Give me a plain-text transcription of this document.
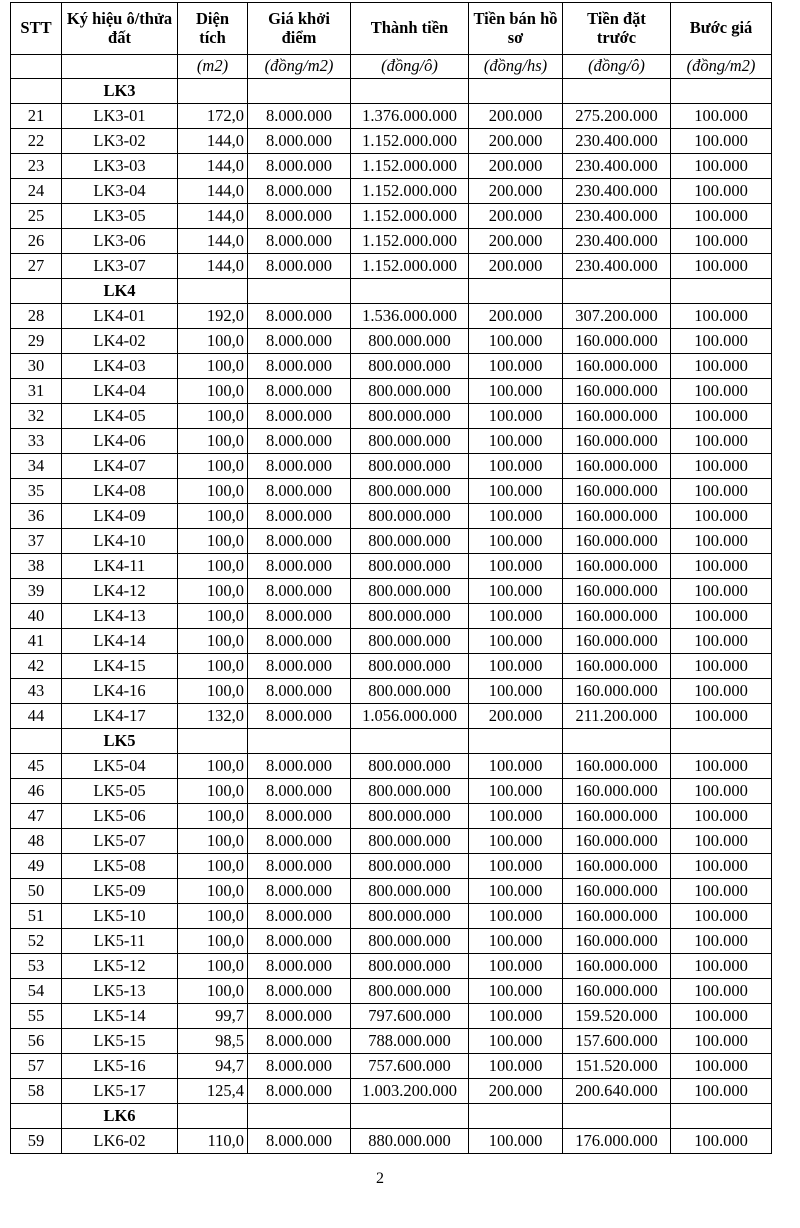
STT	Ký hiệu ô/thửa đất	Diện tích	Giá khởi điểm	Thành tiền	Tiền bán hồ sơ	Tiền đặt trước	Bước giá
		(m2)	(đồng/m2)	(đồng/ô)	(đồng/hs)	(đồng/ô)	(đồng/m2)
	LK3						
21	LK3-01	172,0	8.000.000	1.376.000.000	200.000	275.200.000	100.000
22	LK3-02	144,0	8.000.000	1.152.000.000	200.000	230.400.000	100.000
23	LK3-03	144,0	8.000.000	1.152.000.000	200.000	230.400.000	100.000
24	LK3-04	144,0	8.000.000	1.152.000.000	200.000	230.400.000	100.000
25	LK3-05	144,0	8.000.000	1.152.000.000	200.000	230.400.000	100.000
26	LK3-06	144,0	8.000.000	1.152.000.000	200.000	230.400.000	100.000
27	LK3-07	144,0	8.000.000	1.152.000.000	200.000	230.400.000	100.000
	LK4						
28	LK4-01	192,0	8.000.000	1.536.000.000	200.000	307.200.000	100.000
29	LK4-02	100,0	8.000.000	800.000.000	100.000	160.000.000	100.000
30	LK4-03	100,0	8.000.000	800.000.000	100.000	160.000.000	100.000
31	LK4-04	100,0	8.000.000	800.000.000	100.000	160.000.000	100.000
32	LK4-05	100,0	8.000.000	800.000.000	100.000	160.000.000	100.000
33	LK4-06	100,0	8.000.000	800.000.000	100.000	160.000.000	100.000
34	LK4-07	100,0	8.000.000	800.000.000	100.000	160.000.000	100.000
35	LK4-08	100,0	8.000.000	800.000.000	100.000	160.000.000	100.000
36	LK4-09	100,0	8.000.000	800.000.000	100.000	160.000.000	100.000
37	LK4-10	100,0	8.000.000	800.000.000	100.000	160.000.000	100.000
38	LK4-11	100,0	8.000.000	800.000.000	100.000	160.000.000	100.000
39	LK4-12	100,0	8.000.000	800.000.000	100.000	160.000.000	100.000
40	LK4-13	100,0	8.000.000	800.000.000	100.000	160.000.000	100.000
41	LK4-14	100,0	8.000.000	800.000.000	100.000	160.000.000	100.000
42	LK4-15	100,0	8.000.000	800.000.000	100.000	160.000.000	100.000
43	LK4-16	100,0	8.000.000	800.000.000	100.000	160.000.000	100.000
44	LK4-17	132,0	8.000.000	1.056.000.000	200.000	211.200.000	100.000
	LK5						
45	LK5-04	100,0	8.000.000	800.000.000	100.000	160.000.000	100.000
46	LK5-05	100,0	8.000.000	800.000.000	100.000	160.000.000	100.000
47	LK5-06	100,0	8.000.000	800.000.000	100.000	160.000.000	100.000
48	LK5-07	100,0	8.000.000	800.000.000	100.000	160.000.000	100.000
49	LK5-08	100,0	8.000.000	800.000.000	100.000	160.000.000	100.000
50	LK5-09	100,0	8.000.000	800.000.000	100.000	160.000.000	100.000
51	LK5-10	100,0	8.000.000	800.000.000	100.000	160.000.000	100.000
52	LK5-11	100,0	8.000.000	800.000.000	100.000	160.000.000	100.000
53	LK5-12	100,0	8.000.000	800.000.000	100.000	160.000.000	100.000
54	LK5-13	100,0	8.000.000	800.000.000	100.000	160.000.000	100.000
55	LK5-14	99,7	8.000.000	797.600.000	100.000	159.520.000	100.000
56	LK5-15	98,5	8.000.000	788.000.000	100.000	157.600.000	100.000
57	LK5-16	94,7	8.000.000	757.600.000	100.000	151.520.000	100.000
58	LK5-17	125,4	8.000.000	1.003.200.000	200.000	200.640.000	100.000
	LK6						
59	LK6-02	110,0	8.000.000	880.000.000	100.000	176.000.000	100.000
2
